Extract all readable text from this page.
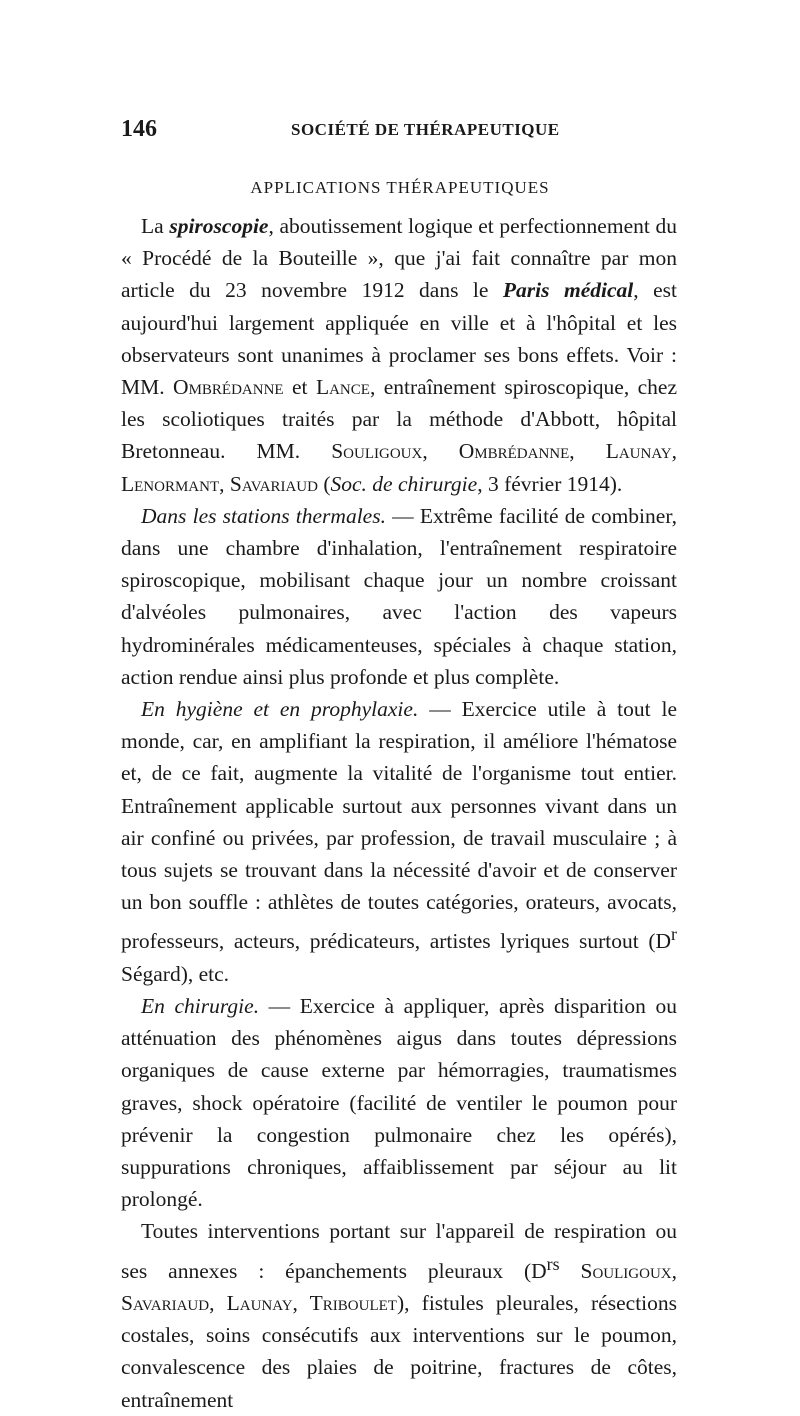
146	SOCIÉTÉ DE THÉRAPEUTIQUE
APPLICATIONS THÉRAPEUTIQUES

La spiroscopie, aboutissement logique et perfectionnement du « Procédé de la Bouteille », que j'ai fait connaître par mon article du 23 novembre 1912 dans le Paris médical, est aujourd'hui largement appliquée en ville et à l'hôpital et les observateurs sont unanimes à proclamer ses bons effets. Voir : MM. Ombrédanne et Lance, entraînement spiroscopique, chez les scoliotiques traités par la méthode d'Abbott, hôpital Bretonneau. MM. Souligoux, Ombrédanne, Launay, Lenormant, Savariaud (Soc. de chirurgie, 3 février 1914).

Dans les stations thermales. — Extrême facilité de combiner, dans une chambre d'inhalation, l'entraînement respiratoire spiroscopique, mobilisant chaque jour un nombre croissant d'alvéoles pulmonaires, avec l'action des vapeurs hydrominérales médicamenteuses, spéciales à chaque station, action rendue ainsi plus profonde et plus complète.

En hygiène et en prophylaxie. — Exercice utile à tout le monde, car, en amplifiant la respiration, il améliore l'hématose et, de ce fait, augmente la vitalité de l'organisme tout entier. Entraînement applicable surtout aux personnes vivant dans un air confiné ou privées, par profession, de travail musculaire ; à tous sujets se trouvant dans la nécessité d'avoir et de conserver un bon souffle : athlètes de toutes catégories, orateurs, avocats, professeurs, acteurs, prédicateurs, artistes lyriques surtout ($D^r$ Ségard), etc.

En chirurgie. — Exercice à appliquer, après disparition ou atténuation des phénomènes aigus dans toutes dépressions organiques de cause externe par hémorragies, traumatismes graves, shock opératoire (facilité de ventiler le poumon pour prévenir la congestion pulmonaire chez les opérés), suppurations chroniques, affaiblissement par séjour au lit prolongé.

Toutes interventions portant sur l'appareil de respiration ou ses annexes : épanchements pleuraux ($D^{rs}$ Souligoux, Savariaud, Launay, Triboulet), fistules pleurales, résections costales, soins consécutifs aux interventions sur le poumon, convalescence des plaies de poitrine, fractures de côtes, entraînement
